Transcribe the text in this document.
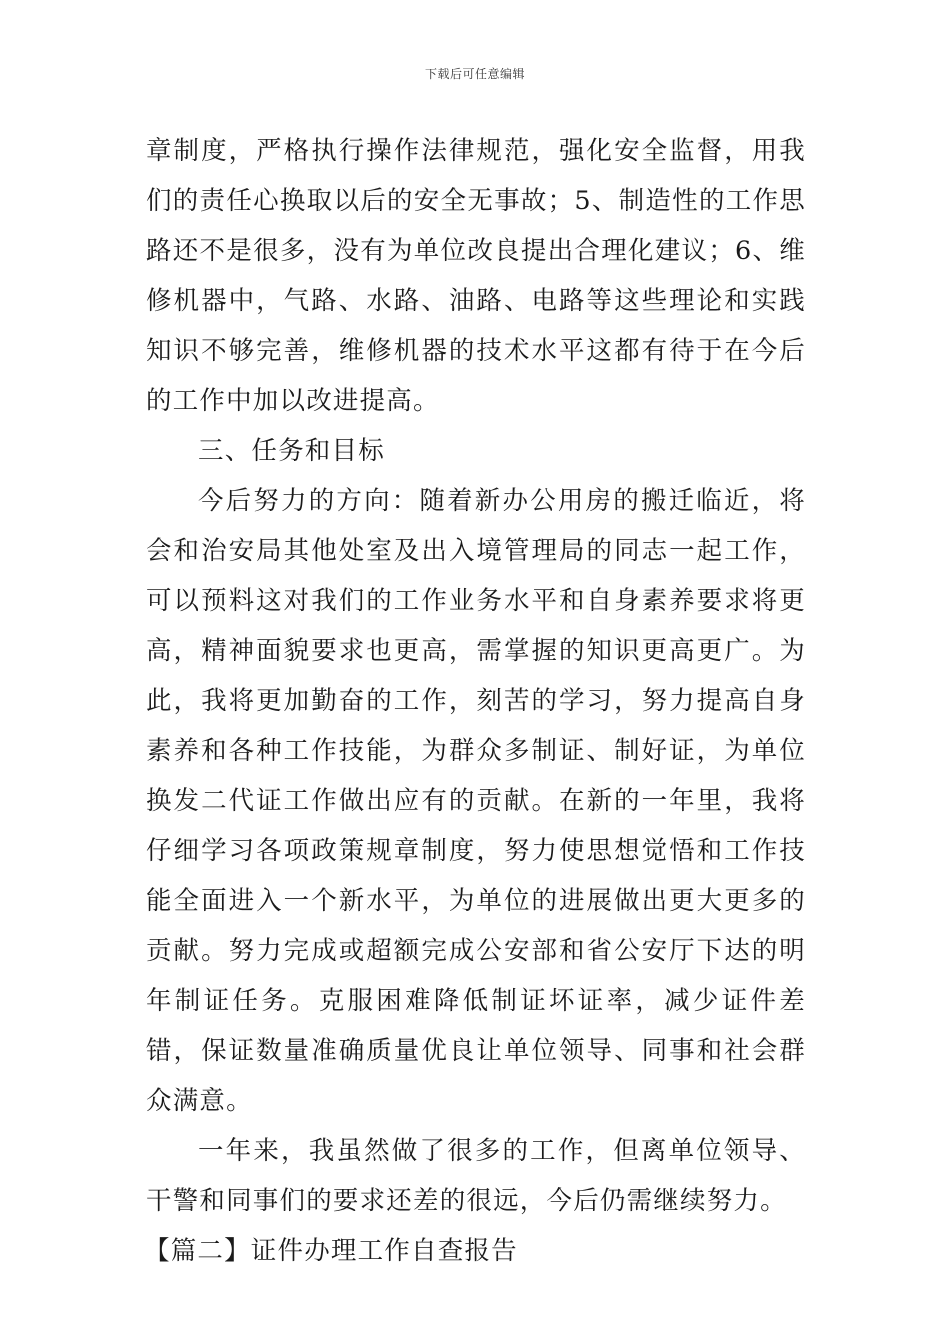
下载后可任意编辑

章制度，严格执行操作法律规范，强化安全监督，用我们的责任心换取以后的安全无事故；5、制造性的工作思路还不是很多，没有为单位改良提出合理化建议；6、维修机器中，气路、水路、油路、电路等这些理论和实践知识不够完善，维修机器的技术水平这都有待于在今后的工作中加以改进提高。

三、任务和目标

今后努力的方向：随着新办公用房的搬迁临近，将会和治安局其他处室及出入境管理局的同志一起工作，可以预料这对我们的工作业务水平和自身素养要求将更高，精神面貌要求也更高，需掌握的知识更高更广。为此，我将更加勤奋的工作，刻苦的学习，努力提高自身素养和各种工作技能，为群众多制证、制好证，为单位换发二代证工作做出应有的贡献。在新的一年里，我将仔细学习各项政策规章制度，努力使思想觉悟和工作技能全面进入一个新水平，为单位的进展做出更大更多的贡献。努力完成或超额完成公安部和省公安厅下达的明年制证任务。克服困难降低制证坏证率，减少证件差错，保证数量准确质量优良让单位领导、同事和社会群众满意。

一年来，我虽然做了很多的工作，但离单位领导、干警和同事们的要求还差的很远，今后仍需继续努力。

【篇二】证件办理工作自查报告
